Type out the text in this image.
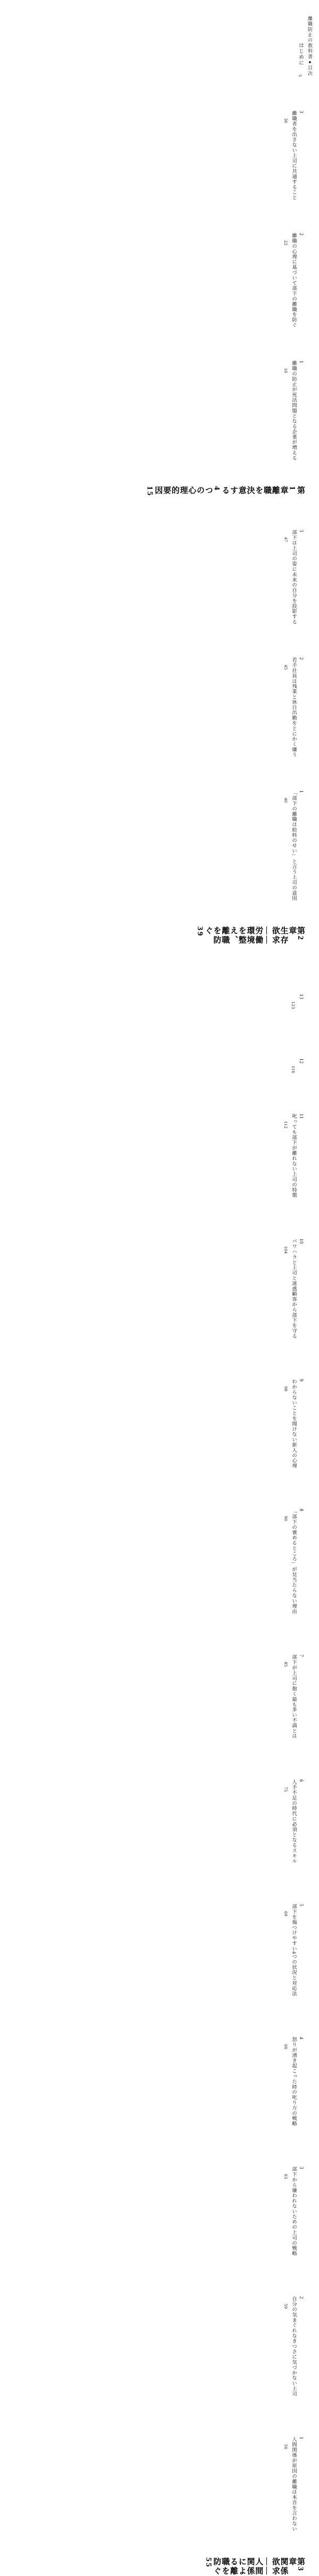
はじめに 5
3
離職者を出さない上司に共通すること
30
2
離職の心理に基づいて部下の離職を防ぐ
22
1
離職の防止が死活問題となる企業が増える
16
第1章
離職を決意する4つの心理的要因 15
3
部下は上司の姿に未来の自分を投影する
47
2
若手社員は残業と休日出勤をとにかく嫌う
45
1
「部下の離職は給料のせい」と言う上司の意図
40
第2章
生存欲求——労働環境を整え、離職を防ぐ 39
13
123
12
116
11
叱っても部下が離れない上司の特徴
112
10
パワハラと上司と迷惑顧客から部下を守る
104
9
わからないことを聞けない新人の心理
98
8
「部下の褒めるところ」が見当たらない理由
90
7
部下が上司に抱く最も多い不満とは
85
6
人手不足の時代に必須となるスキル
75
5
部下を傷つけやすい4つの状況と対応法
69
4
怒りが湧き起こった時の叱り方の戦略
66
3
部下から嫌われないための上司の戦略
63
2
自分の気まぐれなきつさに気づかない上司
59
1
人間関係が原因の離職は本音を言わない
56
第3章
関係欲求——人間関係による離職を防ぐ 55
離職防止の教科書●目次
